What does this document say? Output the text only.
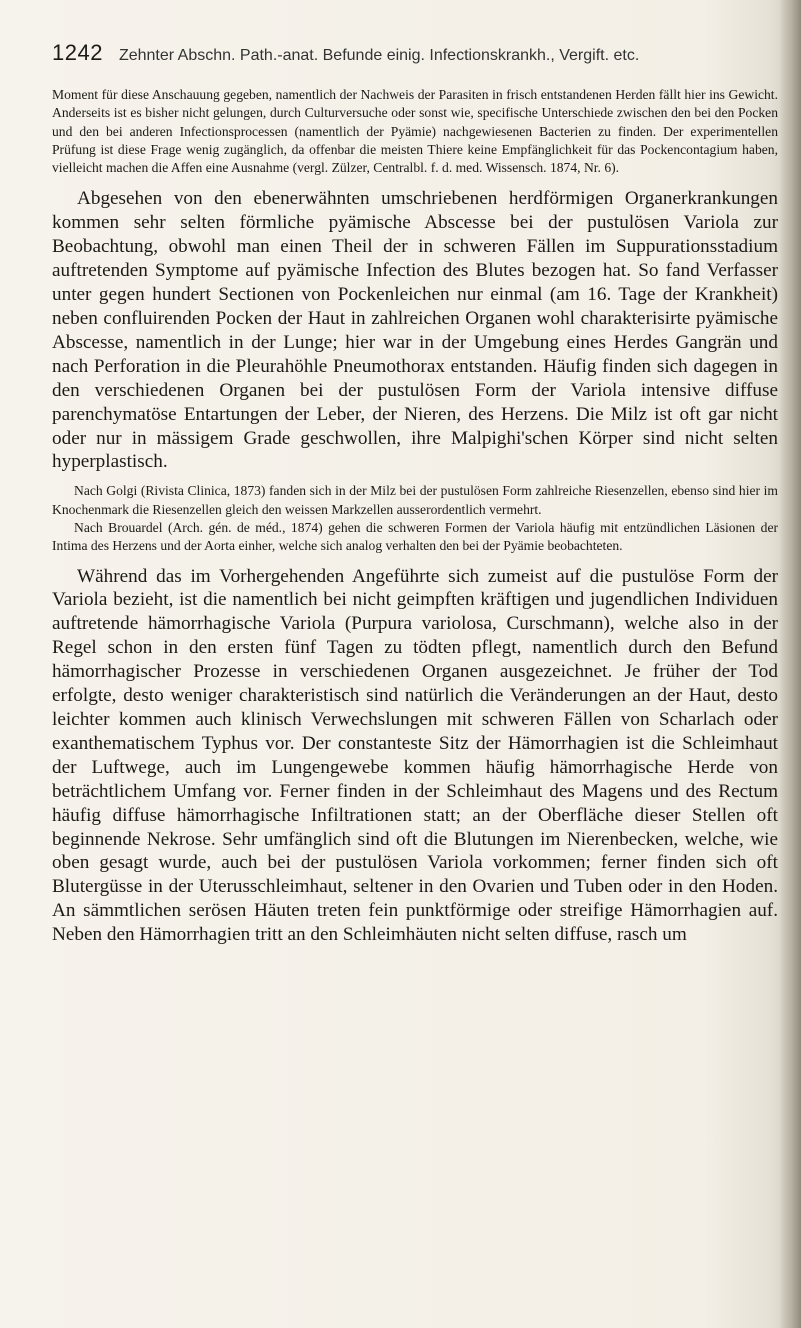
1242 Zehnter Abschn. Path.-anat. Befunde einig. Infectionskrankh., Vergift. etc.

Moment für diese Anschauung gegeben, namentlich der Nachweis der Parasiten in frisch entstandenen Herden fällt hier ins Gewicht. Anderseits ist es bisher nicht gelungen, durch Culturversuche oder sonst wie, specifische Unterschiede zwischen den bei den Pocken und den bei anderen Infectionsprocessen (namentlich der Pyämie) nachgewiesenen Bacterien zu finden. Der experimentellen Prüfung ist diese Frage wenig zugänglich, da offenbar die meisten Thiere keine Empfänglichkeit für das Pockencontagium haben, vielleicht machen die Affen eine Ausnahme (vergl. Zülzer, Centralbl. f. d. med. Wissensch. 1874, Nr. 6).

Abgesehen von den ebenerwähnten umschriebenen herdförmigen Organerkrankungen kommen sehr selten förmliche pyämische Abscesse bei der pustulösen Variola zur Beobachtung, obwohl man einen Theil der in schweren Fällen im Suppurationsstadium auftretenden Symptome auf pyämische Infection des Blutes bezogen hat. So fand Verfasser unter gegen hundert Sectionen von Pockenleichen nur einmal (am 16. Tage der Krankheit) neben confluirenden Pocken der Haut in zahlreichen Organen wohl charakterisirte pyämische Abscesse, namentlich in der Lunge; hier war in der Umgebung eines Herdes Gangrän und nach Perforation in die Pleurahöhle Pneumothorax entstanden. Häufig finden sich dagegen in den verschiedenen Organen bei der pustulösen Form der Variola intensive diffuse parenchymatöse Entartungen der Leber, der Nieren, des Herzens. Die Milz ist oft gar nicht oder nur in mässigem Grade geschwollen, ihre Malpighi'schen Körper sind nicht selten hyperplastisch.

Nach Golgi (Rivista Clinica, 1873) fanden sich in der Milz bei der pustulösen Form zahlreiche Riesenzellen, ebenso sind hier im Knochenmark die Riesenzellen gleich den weissen Markzellen ausserordentlich vermehrt.

Nach Brouardel (Arch. gén. de méd., 1874) gehen die schweren Formen der Variola häufig mit entzündlichen Läsionen der Intima des Herzens und der Aorta einher, welche sich analog verhalten den bei der Pyämie beobachteten.

Während das im Vorhergehenden Angeführte sich zumeist auf die pustulöse Form der Variola bezieht, ist die namentlich bei nicht geimpften kräftigen und jugendlichen Individuen auftretende hämorrhagische Variola (Purpura variolosa, Curschmann), welche also in der Regel schon in den ersten fünf Tagen zu tödten pflegt, namentlich durch den Befund hämorrhagischer Prozesse in verschiedenen Organen ausgezeichnet. Je früher der Tod erfolgte, desto weniger charakteristisch sind natürlich die Veränderungen an der Haut, desto leichter kommen auch klinisch Verwechslungen mit schweren Fällen von Scharlach oder exanthematischem Typhus vor. Der constanteste Sitz der Hämorrhagien ist die Schleimhaut der Luftwege, auch im Lungengewebe kommen häufig hämorrhagische Herde von beträchtlichem Umfang vor. Ferner finden in der Schleimhaut des Magens und des Rectum häufig diffuse hämorrhagische Infiltrationen statt; an der Oberfläche dieser Stellen oft beginnende Nekrose. Sehr umfänglich sind oft die Blutungen im Nierenbecken, welche, wie oben gesagt wurde, auch bei der pustulösen Variola vorkommen; ferner finden sich oft Blutergüsse in der Uterusschleimhaut, seltener in den Ovarien und Tuben oder in den Hoden. An sämmtlichen serösen Häuten treten fein punktförmige oder streifige Hämorrhagien auf. Neben den Hämorrhagien tritt an den Schleimhäuten nicht selten diffuse, rasch um
